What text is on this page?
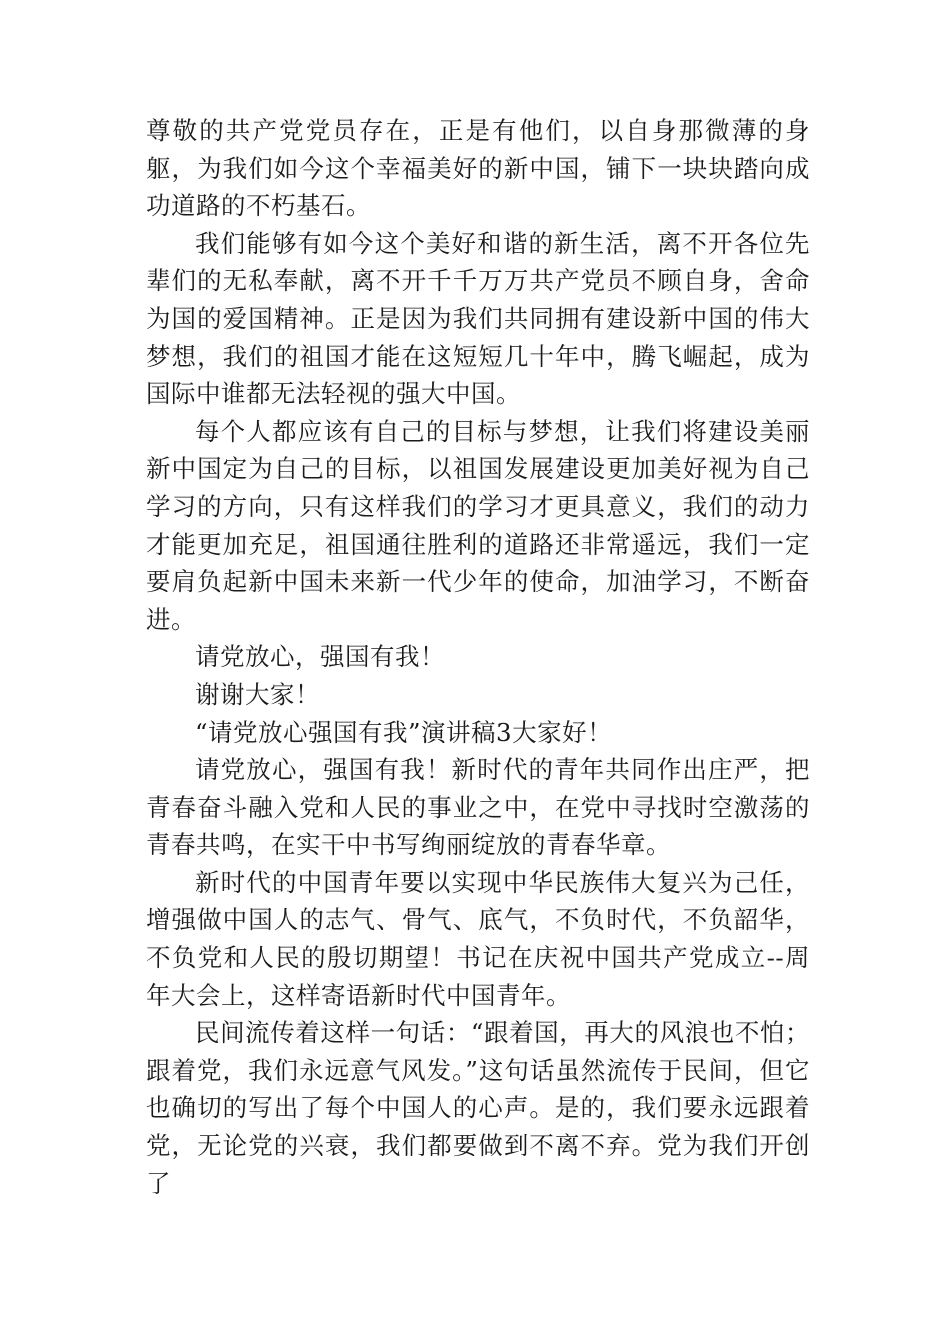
尊敬的共产党党员存在，正是有他们，以自身那微薄的身躯，为我们如今这个幸福美好的新中国，铺下一块块踏向成功道路的不朽基石。

我们能够有如今这个美好和谐的新生活，离不开各位先辈们的无私奉献，离不开千千万万共产党员不顾自身，舍命为国的爱国精神。正是因为我们共同拥有建设新中国的伟大梦想，我们的祖国才能在这短短几十年中，腾飞崛起，成为国际中谁都无法轻视的强大中国。

每个人都应该有自己的目标与梦想，让我们将建设美丽新中国定为自己的目标，以祖国发展建设更加美好视为自己学习的方向，只有这样我们的学习才更具意义，我们的动力才能更加充足，祖国通往胜利的道路还非常遥远，我们一定要肩负起新中国未来新一代少年的使命，加油学习，不断奋进。

请党放心，强国有我！

谢谢大家！

“请党放心强国有我”演讲稿3大家好！

请党放心，强国有我！新时代的青年共同作出庄严，把青春奋斗融入党和人民的事业之中，在党中寻找时空激荡的青春共鸣，在实干中书写绚丽绽放的青春华章。

新时代的中国青年要以实现中华民族伟大复兴为己任，增强做中国人的志气、骨气、底气，不负时代，不负韶华，不负党和人民的殷切期望！书记在庆祝中国共产党成立--周年大会上，这样寄语新时代中国青年。

民间流传着这样一句话：“跟着国，再大的风浪也不怕；跟着党，我们永远意气风发。”这句话虽然流传于民间，但它也确切的写出了每个中国人的心声。是的，我们要永远跟着党，无论党的兴衰，我们都要做到不离不弃。党为我们开创了
